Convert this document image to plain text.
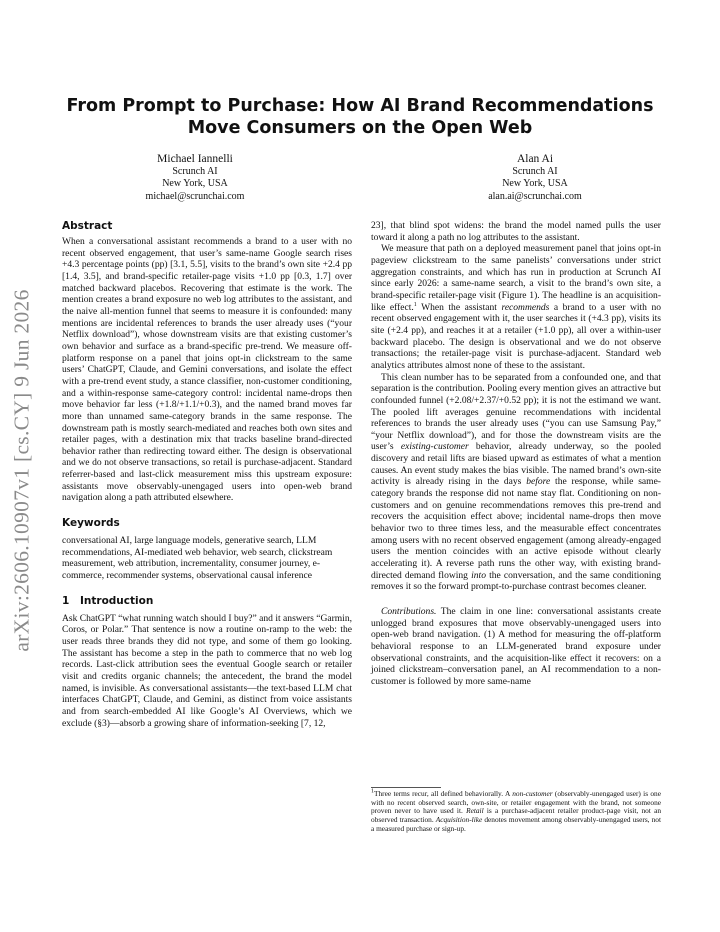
arXiv:2606.10907v1 [cs.CY] 9 Jun 2026
From Prompt to Purchase: How AI Brand Recommendations
Move Consumers on the Open Web
Michael Iannelli
Scrunch AI
New York, USA
michael@scrunchai.com
Alan Ai
Scrunch AI
New York, USA
alan.ai@scrunchai.com
Abstract

When a conversational assistant recommends a brand to a user with no recent observed engagement, that user’s same-name Google search rises +4.3 percentage points (pp) [3.1, 5.5], visits to the brand’s own site +2.4 pp [1.4, 3.5], and brand-specific retailer-page visits +1.0 pp [0.3, 1.7] over matched backward placebos. Recovering that estimate is the work. The mention creates a brand exposure no web log attributes to the assistant, and the naive all-mention funnel that seems to measure it is confounded: many mentions are incidental references to brands the user already uses (“your Netflix download”), whose downstream visits are that existing customer’s own behavior and surface as a brand-specific pre-trend. We measure off-platform response on a panel that joins opt-in clickstream to the same users’ ChatGPT, Claude, and Gemini conversations, and isolate the effect with a pre-trend event study, a stance classifier, non-customer conditioning, and a within-response same-category control: incidental name-drops then move behavior far less (+1.8/+1.1/+0.3), and the named brand moves far more than unnamed same-category brands in the same response. The downstream path is mostly search-mediated and reaches both own sites and retailer pages, with a destination mix that tracks baseline brand-directed behavior rather than redirecting toward either. The design is observational and we do not observe transactions, so retail is purchase-adjacent. Standard referrer-based and last-click measurement miss this upstream exposure: assistants move observably-unengaged users into open-web brand navigation along a path attributed elsewhere.

Keywords

conversational AI, large language models, generative search, LLM recommendations, AI-mediated web behavior, web search, clickstream measurement, web attribution, incrementality, consumer journey, e-commerce, recommender systems, observational causal inference

1 Introduction

Ask ChatGPT “what running watch should I buy?” and it answers “Garmin, Coros, or Polar.” That sentence is now a routine on-ramp to the web: the user reads three brands they did not type, and some of them go looking. The assistant has become a step in the path to commerce that no web log records. Last-click attribution sees the eventual Google search or retailer visit and credits organic channels; the antecedent, the brand the model named, is invisible. As conversational assistants—the text-based LLM chat interfaces ChatGPT, Claude, and Gemini, as distinct from voice assistants and from search-embedded AI like Google’s AI Overviews, which we exclude (§3)—absorb a growing share of information-seeking [7, 12,

23], that blind spot widens: the brand the model named pulls the user toward it along a path no log attributes to the assistant.

We measure that path on a deployed measurement panel that joins opt-in pageview clickstream to the same panelists’ conversations under strict aggregation constraints, and which has run in production at Scrunch AI since early 2026: a same-name search, a visit to the brand’s own site, a brand-specific retailer-page visit (Figure 1). The headline is an acquisition-like effect.$^1$ When the assistant recommends a brand to a user with no recent observed engagement with it, the user searches it (+4.3 pp), visits its site (+2.4 pp), and reaches it at a retailer (+1.0 pp), all over a within-user backward placebo. The design is observational and we do not observe transactions; the retailer-page visit is purchase-adjacent. Standard web analytics attributes almost none of these to the assistant.

This clean number has to be separated from a confounded one, and that separation is the contribution. Pooling every mention gives an attractive but confounded funnel (+2.08/+2.37/+0.52 pp); it is not the estimand we want. The pooled lift averages genuine recommendations with incidental references to brands the user already uses (“you can use Samsung Pay,” “your Netflix download”), and for those the downstream visits are the user’s existing-customer behavior, already underway, so the pooled discovery and retail lifts are biased upward as estimates of what a mention causes. An event study makes the bias visible. The named brand’s own-site activity is already rising in the days before the response, while same-category brands the response did not name stay flat. Conditioning on non-customers and on genuine recommendations removes this pre-trend and recovers the acquisition effect above; incidental name-drops then move behavior two to three times less, and the measurable effect concentrates among users with no recent observed engagement (among already-engaged users the mention coincides with an active episode without clearly accelerating it). A reverse path runs the other way, with existing brand-directed demand flowing into the conversation, and the same conditioning removes it so the forward prompt-to-purchase contrast becomes cleaner.

Contributions. The claim in one line: conversational assistants create unlogged brand exposures that move observably-unengaged users into open-web brand navigation. (1) A method for measuring the off-platform behavioral response to an LLM-generated brand exposure under observational constraints, and the acquisition-like effect it recovers: on a joined clickstream–conversation panel, an AI recommendation to a non-customer is followed by more same-name

$^1$Three terms recur, all defined behaviorally. A non-customer (observably-unengaged user) is one with no recent observed search, own-site, or retailer engagement with the brand, not someone proven never to have used it. Retail is a purchase-adjacent retailer product-page visit, not an observed transaction. Acquisition-like denotes movement among observably-unengaged users, not a measured purchase or sign-up.
